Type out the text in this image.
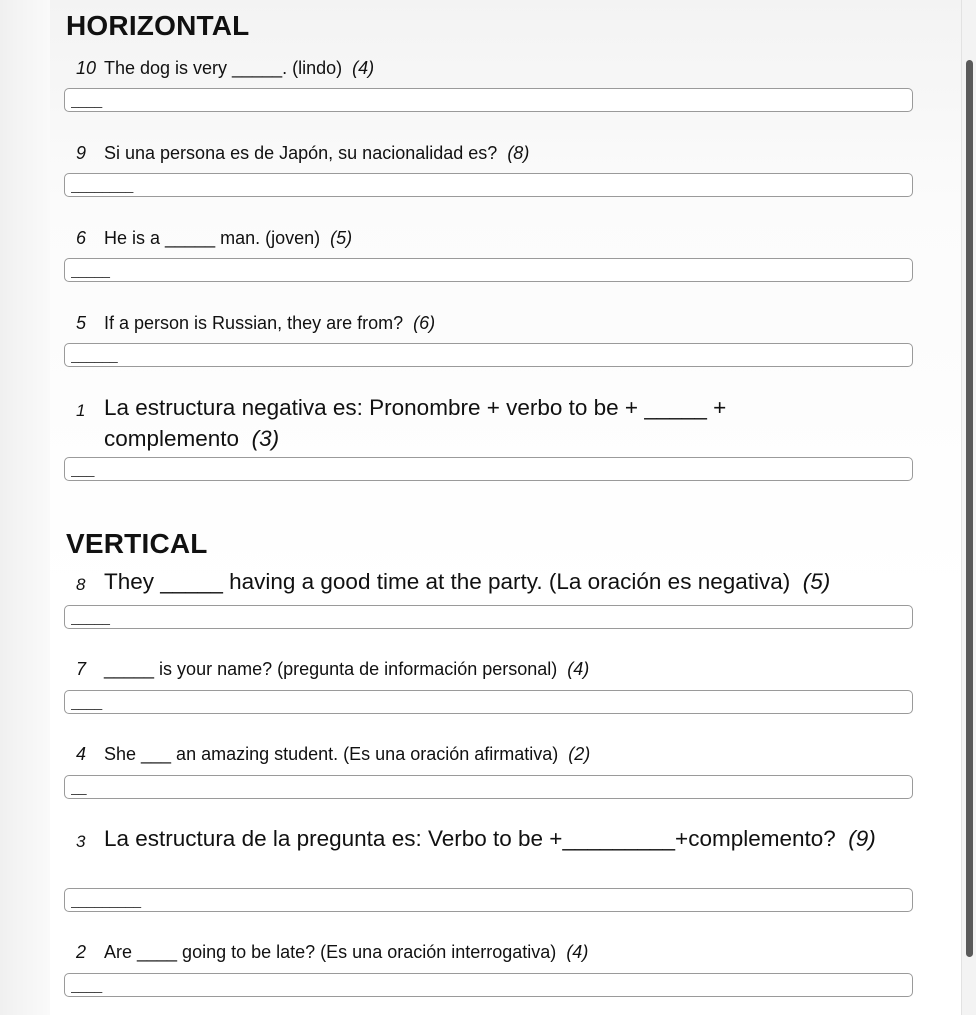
HORIZONTAL
10 The dog is very _____. (lindo) (4)
____
9 Si una persona es de Japón, su nacionalidad es? (8)
________
6 He is a _____ man. (joven) (5)
_____
5 If a person is Russian, they are from? (6)
______
1 La estructura negativa es: Pronombre + verbo to be + _____ + complemento (3)
___
VERTICAL
8 They _____ having a good time at the party. (La oración es negativa) (5)
_____
7 _____ is your name? (pregunta de información personal) (4)
____
4 She ___ an amazing student. (Es una oración afirmativa) (2)
__
3 La estructura de la pregunta es: Verbo to be +_________+complemento? (9)
_________
2 Are ____ going to be late? (Es una oración interrogativa) (4)
____
